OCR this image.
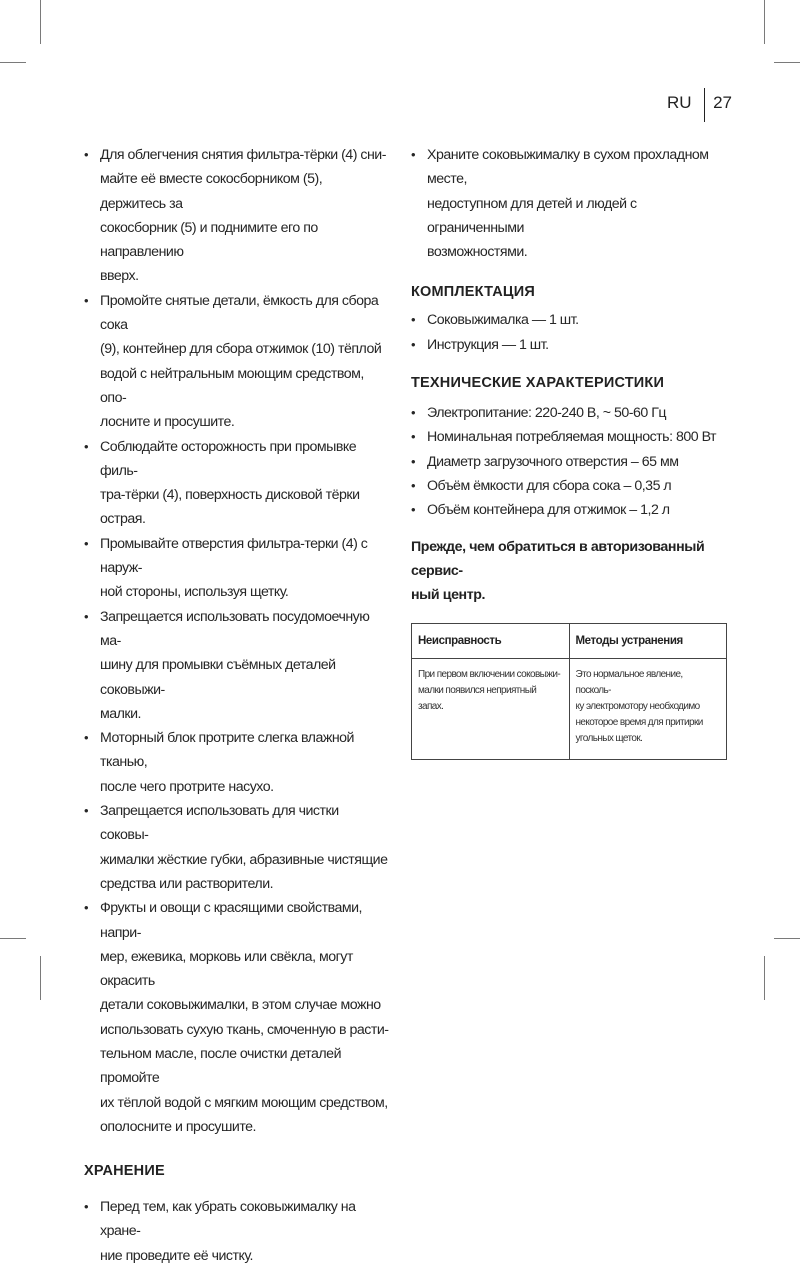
RU 27
• Для облегчения снятия фильтра-тёрки (4) сни-
майте её вместе сокосборником (5), держитесь за
сокосборник (5) и поднимите его по направлению
вверх.
• Промойте снятые детали, ёмкость для сбора сока
(9), контейнер для сбора отжимок (10) тёплой
водой с нейтральным моющим средством, опо-
лосните и просушите.
• Соблюдайте осторожность при промывке филь-
тра-тёрки (4), поверхность дисковой тёрки острая.
• Промывайте отверстия фильтра-терки (4) с наруж-
ной стороны, используя щетку.
• Запрещается использовать посудомоечную ма-
шину для промывки съёмных деталей соковыжи-
малки.
• Моторный блок протрите слегка влажной тканью,
после чего протрите насухо.
• Запрещается использовать для чистки соковы-
жималки жёсткие губки, абразивные чистящие
средства или растворители.
• Фрукты и овощи с красящими свойствами, напри-
мер, ежевика, морковь или свёкла, могут окрасить
детали соковыжималки, в этом случае можно
использовать сухую ткань, смоченную в расти-
тельном масле, после очистки деталей промойте
их тёплой водой с мягким моющим средством,
ополосните и просушите.
ХРАНЕНИЕ
• Перед тем, как убрать соковыжималку на хране-
ние проведите её чистку.
• Храните соковыжималку в сухом прохладном месте,
недоступном для детей и людей с ограниченными
возможностями.
КОМПЛЕКТАЦИЯ
• Соковыжималка — 1 шт.
• Инструкция — 1 шт.
ТЕХНИЧЕСКИЕ ХАРАКТЕРИСТИКИ
• Электропитание: 220-240 В, ~ 50-60 Гц
• Номинальная потребляемая мощность: 800 Вт
• Диаметр загрузочного отверстия – 65 мм
• Объём ёмкости для сбора сока – 0,35 л
• Объём контейнера для отжимок – 1,2 л

Прежде, чем обратиться в авторизованный сервис-
ный центр.

Неисправность	Методы устранения
При первом включении соковыжи-
малки появился неприятный запах.	Это нормальное явление, посколь-
ку электромотору необходимо
некоторое время для притирки
угольных щеток.
